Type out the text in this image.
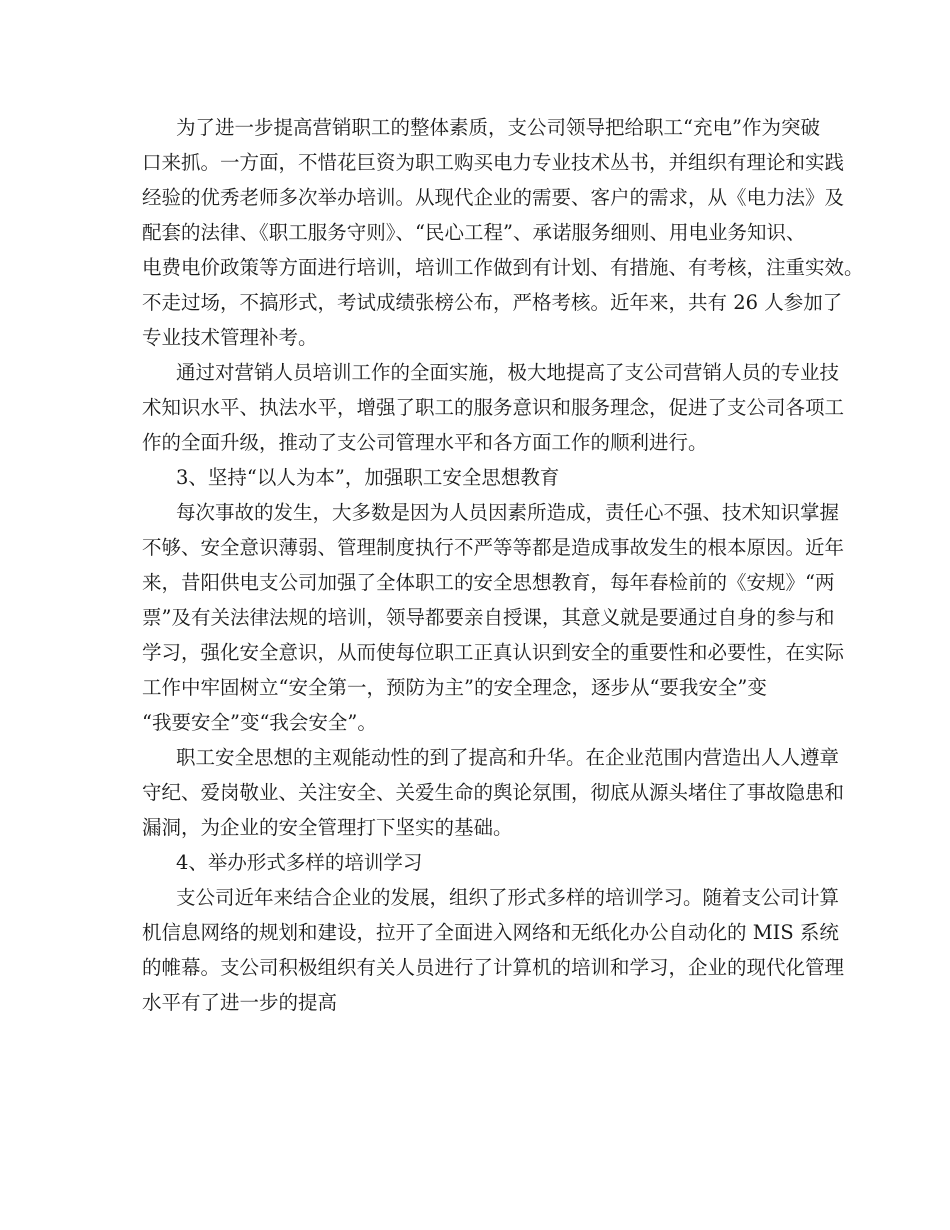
为了进一步提高营销职工的整体素质，支公司领导把给职工“充电”作为突破
口来抓。一方面，不惜花巨资为职工购买电力专业技术丛书，并组织有理论和实践
经验的优秀老师多次举办培训。从现代企业的需要、客户的需求，从《电力法》及
配套的法律、《职工服务守则》、“民心工程”、承诺服务细则、用电业务知识、
电费电价政策等方面进行培训，培训工作做到有计划、有措施、有考核，注重实效。
不走过场，不搞形式，考试成绩张榜公布，严格考核。近年来，共有 26 人参加了
专业技术管理补考。
通过对营销人员培训工作的全面实施，极大地提高了支公司营销人员的专业技
术知识水平、执法水平，增强了职工的服务意识和服务理念，促进了支公司各项工
作的全面升级，推动了支公司管理水平和各方面工作的顺利进行。
3、坚持“以人为本”，加强职工安全思想教育
每次事故的发生，大多数是因为人员因素所造成，责任心不强、技术知识掌握
不够、安全意识薄弱、管理制度执行不严等等都是造成事故发生的根本原因。近年
来，昔阳供电支公司加强了全体职工的安全思想教育，每年春检前的《安规》“两
票”及有关法律法规的培训，领导都要亲自授课，其意义就是要通过自身的参与和
学习，强化安全意识，从而使每位职工正真认识到安全的重要性和必要性，在实际
工作中牢固树立“安全第一，预防为主”的安全理念，逐步从“要我安全”变
“我要安全”变“我会安全”。
职工安全思想的主观能动性的到了提高和升华。在企业范围内营造出人人遵章
守纪、爱岗敬业、关注安全、关爱生命的舆论氛围，彻底从源头堵住了事故隐患和
漏洞，为企业的安全管理打下坚实的基础。
4、举办形式多样的培训学习
支公司近年来结合企业的发展，组织了形式多样的培训学习。随着支公司计算
机信息网络的规划和建设，拉开了全面进入网络和无纸化办公自动化的 MIS 系统
的帷幕。支公司积极组织有关人员进行了计算机的培训和学习，企业的现代化管理
水平有了进一步的提高
